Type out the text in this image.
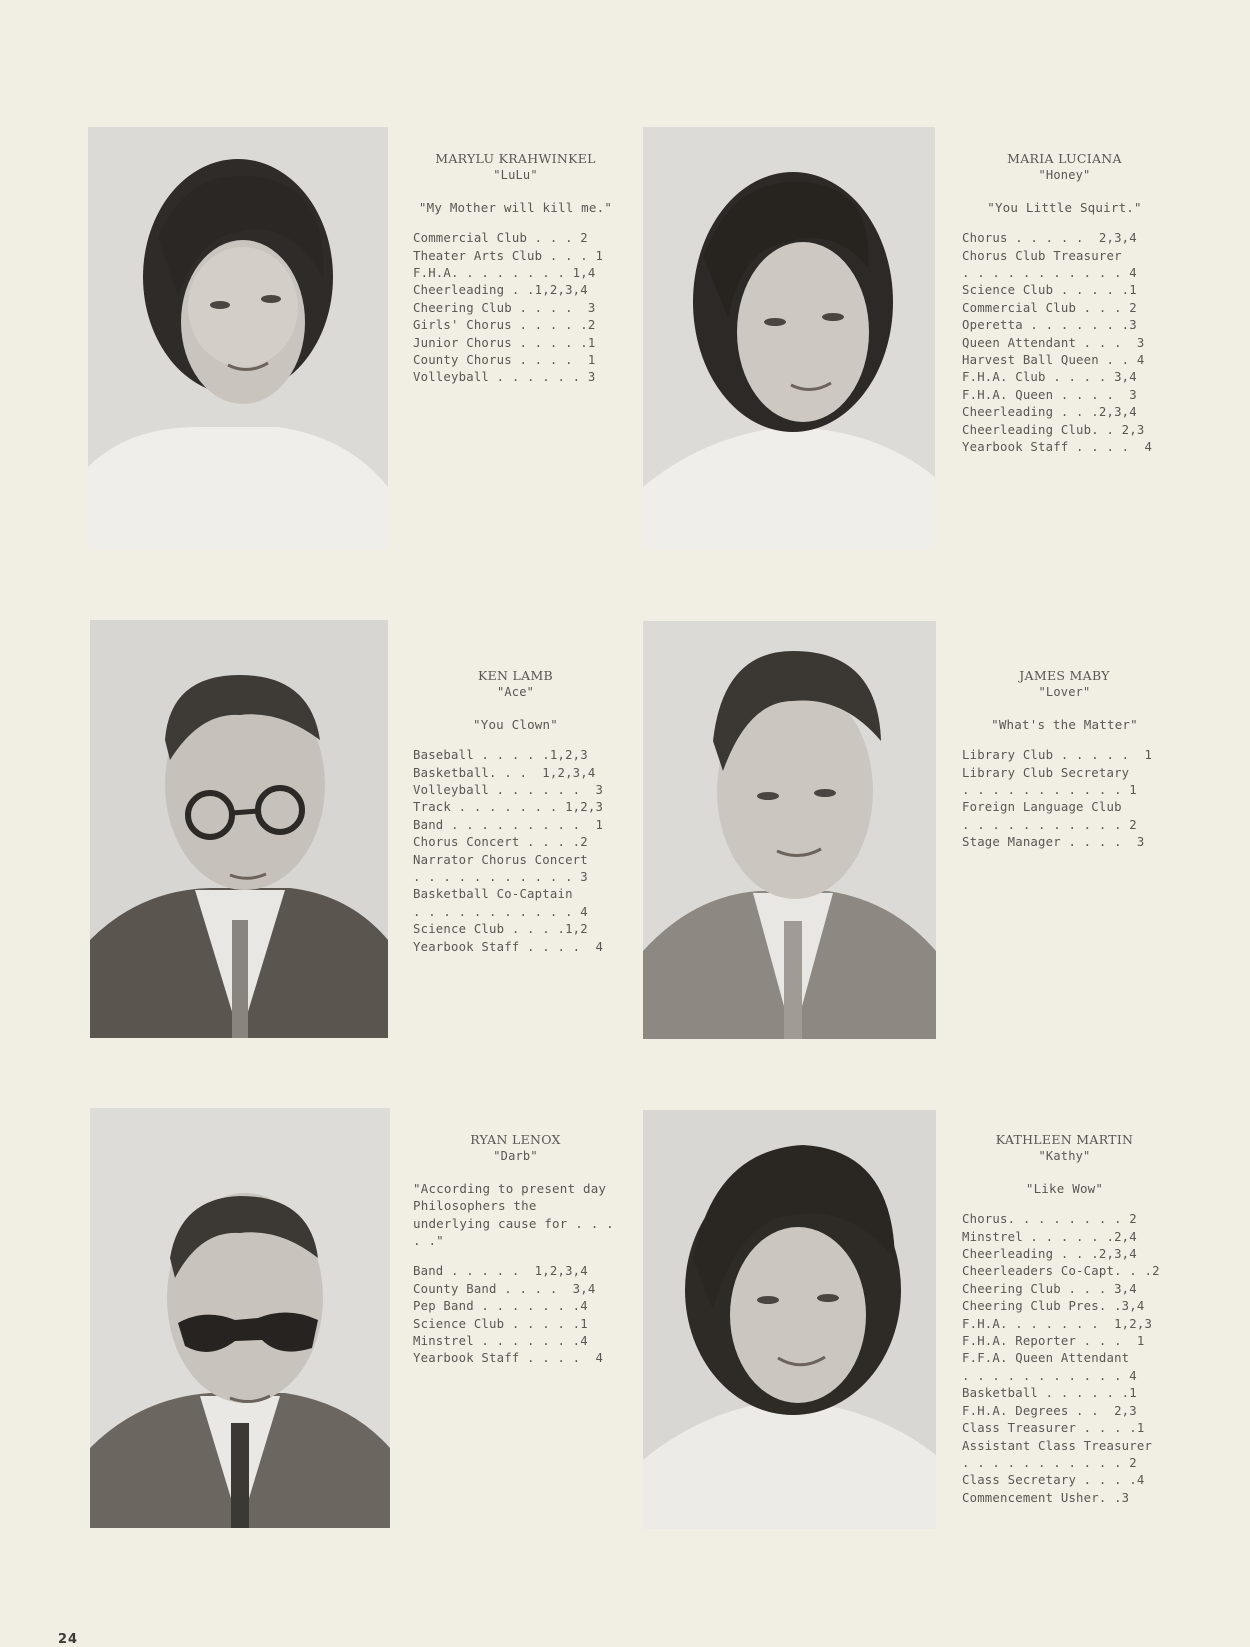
MARYLU KRAHWINKEL
"LuLu"
"My Mother will kill me."
Commercial Club . . . 2
Theater Arts Club . . . 1
F.H.A. . . . . . . . 1,4
Cheerleading . .1,2,3,4
Cheering Club . . . .  3
Girls' Chorus . . . . .2
Junior Chorus . . . . .1
County Chorus . . . .  1
Volleyball . . . . . . 3
MARIA LUCIANA
"Honey"
"You Little Squirt."
Chorus . . . . .  2,3,4
Chorus Club Treasurer
. . . . . . . . . . . 4
Science Club . . . . .1
Commercial Club . . . 2
Operetta . . . . . . .3
Queen Attendant . . .  3
Harvest Ball Queen . . 4
F.H.A. Club . . . . 3,4
F.H.A. Queen . . . .  3
Cheerleading . . .2,3,4
Cheerleading Club. . 2,3
Yearbook Staff . . . .  4
KEN LAMB
"Ace"
"You Clown"
Baseball . . . . .1,2,3
Basketball. . .  1,2,3,4
Volleyball . . . . . .  3
Track . . . . . . . 1,2,3
Band . . . . . . . . .  1
Chorus Concert . . . .2
Narrator Chorus Concert
. . . . . . . . . . . 3
Basketball Co-Captain
. . . . . . . . . . . 4
Science Club . . . .1,2
Yearbook Staff . . . .  4
JAMES MABY
"Lover"
"What's the Matter"
Library Club . . . . .  1
Library Club Secretary
. . . . . . . . . . . 1
Foreign Language Club
. . . . . . . . . . . 2
Stage Manager . . . .  3
RYAN LENOX
"Darb"
"According to present day Philosophers the underlying cause for . . . . ."
Band . . . . .  1,2,3,4
County Band . . . .  3,4
Pep Band . . . . . . .4
Science Club . . . . .1
Minstrel . . . . . . .4
Yearbook Staff . . . .  4
KATHLEEN MARTIN
"Kathy"
"Like Wow"
Chorus. . . . . . . . 2
Minstrel . . . . . .2,4
Cheerleading . . .2,3,4
Cheerleaders Co-Capt. . .2
Cheering Club . . . 3,4
Cheering Club Pres. .3,4
F.H.A. . . . . . .  1,2,3
F.H.A. Reporter . . .  1
F.F.A. Queen Attendant
. . . . . . . . . . . 4
Basketball . . . . . .1
F.H.A. Degrees . .  2,3
Class Treasurer . . . .1
Assistant Class Treasurer
. . . . . . . . . . . 2
Class Secretary . . . .4
Commencement Usher. .3
24
